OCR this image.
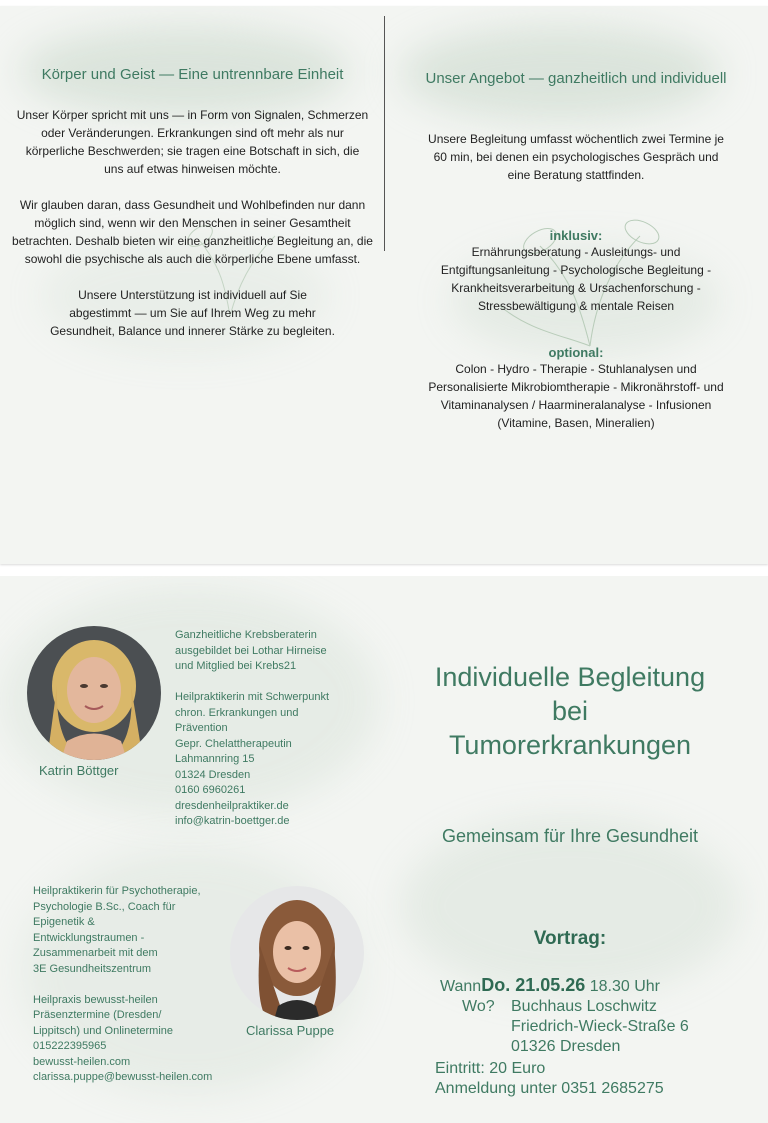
Körper und Geist — Eine untrennbare Einheit

Unser Körper spricht mit uns — in Form von Signalen, Schmerzen oder Veränderungen. Erkrankungen sind oft mehr als nur körperliche Beschwerden; sie tragen eine Botschaft in sich, die uns auf etwas hinweisen möchte.

Wir glauben daran, dass Gesundheit und Wohlbefinden nur dann möglich sind, wenn wir den Menschen in seiner Gesamtheit betrachten. Deshalb bieten wir eine ganzheitliche Begleitung an, die sowohl die psychische als auch die körperliche Ebene umfasst.

Unsere Unterstützung ist individuell auf Sie abgestimmt — um Sie auf Ihrem Weg zu mehr Gesundheit, Balance und innerer Stärke zu begleiten.

Unser Angebot — ganzheitlich und individuell

Unsere Begleitung umfasst wöchentlich zwei Termine je 60 min, bei denen ein psychologisches Gespräch und eine Beratung stattfinden.

inklusiv:

Ernährungsberatung - Ausleitungs- und Entgiftungsanleitung - Psychologische Begleitung - Krankheitsverarbeitung & Ursachenforschung - Stressbewältigung & mentale Reisen

optional:

Colon - Hydro - Therapie - Stuhlanalysen und Personalisierte Mikrobiomtherapie - Mikronährstoff- und Vitaminanalysen / Haarmineralanalyse - Infusionen (Vitamine, Basen, Mineralien)

Katrin Böttger
Ganzheitliche Krebsberaterin
ausgebildet bei Lothar Hirneise
und Mitglied bei Krebs21
Heilpraktikerin mit Schwerpunkt
chron. Erkrankungen und
Prävention
Gepr. Chelattherapeutin
Lahmannring 15
01324 Dresden
0160 6960261
dresdenheilpraktiker.de
info@katrin-boettger.de
Clarissa Puppe
Heilpraktikerin für Psychotherapie,
Psychologie B.Sc., Coach für
Epigenetik &
Entwicklungstraumen -
Zusammenarbeit mit dem
3E Gesundheitszentrum
Heilpraxis bewusst-heilen
Präsenztermine (Dresden/
Lippitsch) und Onlinetermine
015222395965
bewusst-heilen.com
clarissa.puppe@bewusst-heilen.com
Individuelle Begleitung
bei
Tumorerkrankungen
Gemeinsam für Ihre Gesundheit
Vortrag:
WannDo. 21.05.26 18.30 Uhr
Wo? Buchhaus Loschwitz
Friedrich-Wieck-Straße 6
01326 Dresden
Eintritt: 20 Euro
Anmeldung unter 0351 2685275
